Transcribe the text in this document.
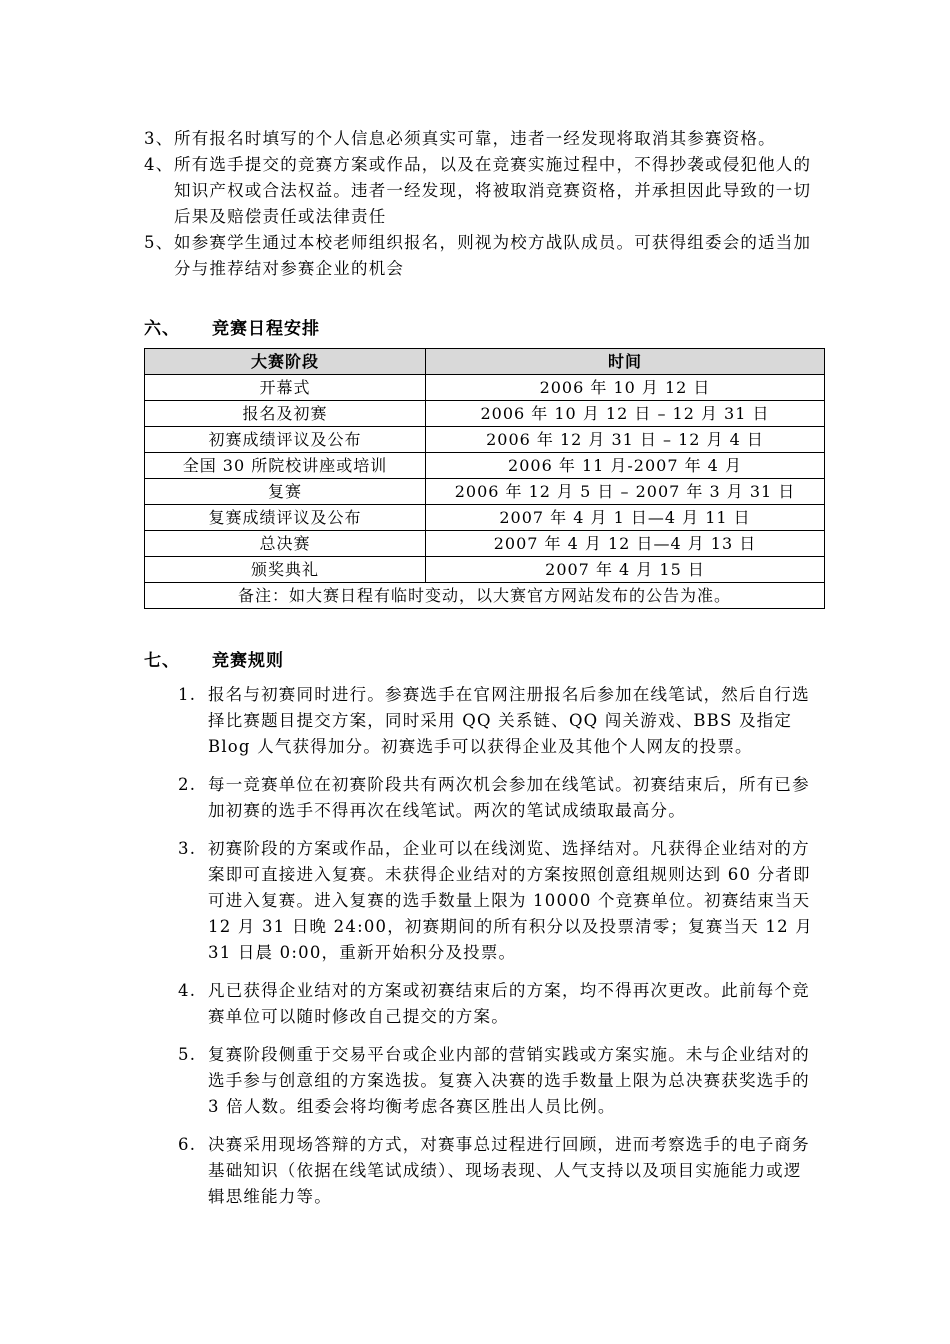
3、 所有报名时填写的个人信息必须真实可靠，违者一经发现将取消其参赛资格。
4、 所有选手提交的竞赛方案或作品，以及在竞赛实施过程中，不得抄袭或侵犯他人的知识产权或合法权益。违者一经发现，将被取消竞赛资格，并承担因此导致的一切后果及赔偿责任或法律责任
5、 如参赛学生通过本校老师组织报名，则视为校方战队成员。可获得组委会的适当加分与推荐结对参赛企业的机会
六、 竞赛日程安排
大赛阶段	时间
开幕式	2006 年 10 月 12 日
报名及初赛	2006 年 10 月 12 日 – 12 月 31 日
初赛成绩评议及公布	2006 年 12 月 31 日 – 12 月 4 日
全国 30 所院校讲座或培训	2006 年 11 月-2007 年 4 月
复赛	2006 年 12 月 5 日 – 2007 年 3 月 31 日
复赛成绩评议及公布	2007 年 4 月 1 日—4 月 11 日
总决赛	2007 年 4 月 12 日—4 月 13 日
颁奖典礼	2007 年 4 月 15 日
备注：如大赛日程有临时变动，以大赛官方网站发布的公告为准。	
七、 竞赛规则
1. 报名与初赛同时进行。参赛选手在官网注册报名后参加在线笔试，然后自行选择比赛题目提交方案，同时采用 QQ 关系链、QQ 闯关游戏、BBS 及指定 Blog 人气获得加分。初赛选手可以获得企业及其他个人网友的投票。
2. 每一竞赛单位在初赛阶段共有两次机会参加在线笔试。初赛结束后，所有已参加初赛的选手不得再次在线笔试。两次的笔试成绩取最高分。
3. 初赛阶段的方案或作品，企业可以在线浏览、选择结对。凡获得企业结对的方案即可直接进入复赛。未获得企业结对的方案按照创意组规则达到 60 分者即可进入复赛。进入复赛的选手数量上限为 10000 个竞赛单位。初赛结束当天 12 月 31 日晚 24:00，初赛期间的所有积分以及投票清零；复赛当天 12 月 31 日晨 0:00，重新开始积分及投票。
4. 凡已获得企业结对的方案或初赛结束后的方案，均不得再次更改。此前每个竞赛单位可以随时修改自己提交的方案。
5. 复赛阶段侧重于交易平台或企业内部的营销实践或方案实施。未与企业结对的选手参与创意组的方案选拔。复赛入决赛的选手数量上限为总决赛获奖选手的 3 倍人数。组委会将均衡考虑各赛区胜出人员比例。
6. 决赛采用现场答辩的方式，对赛事总过程进行回顾，进而考察选手的电子商务基础知识（依据在线笔试成绩）、现场表现、人气支持以及项目实施能力或逻辑思维能力等。
